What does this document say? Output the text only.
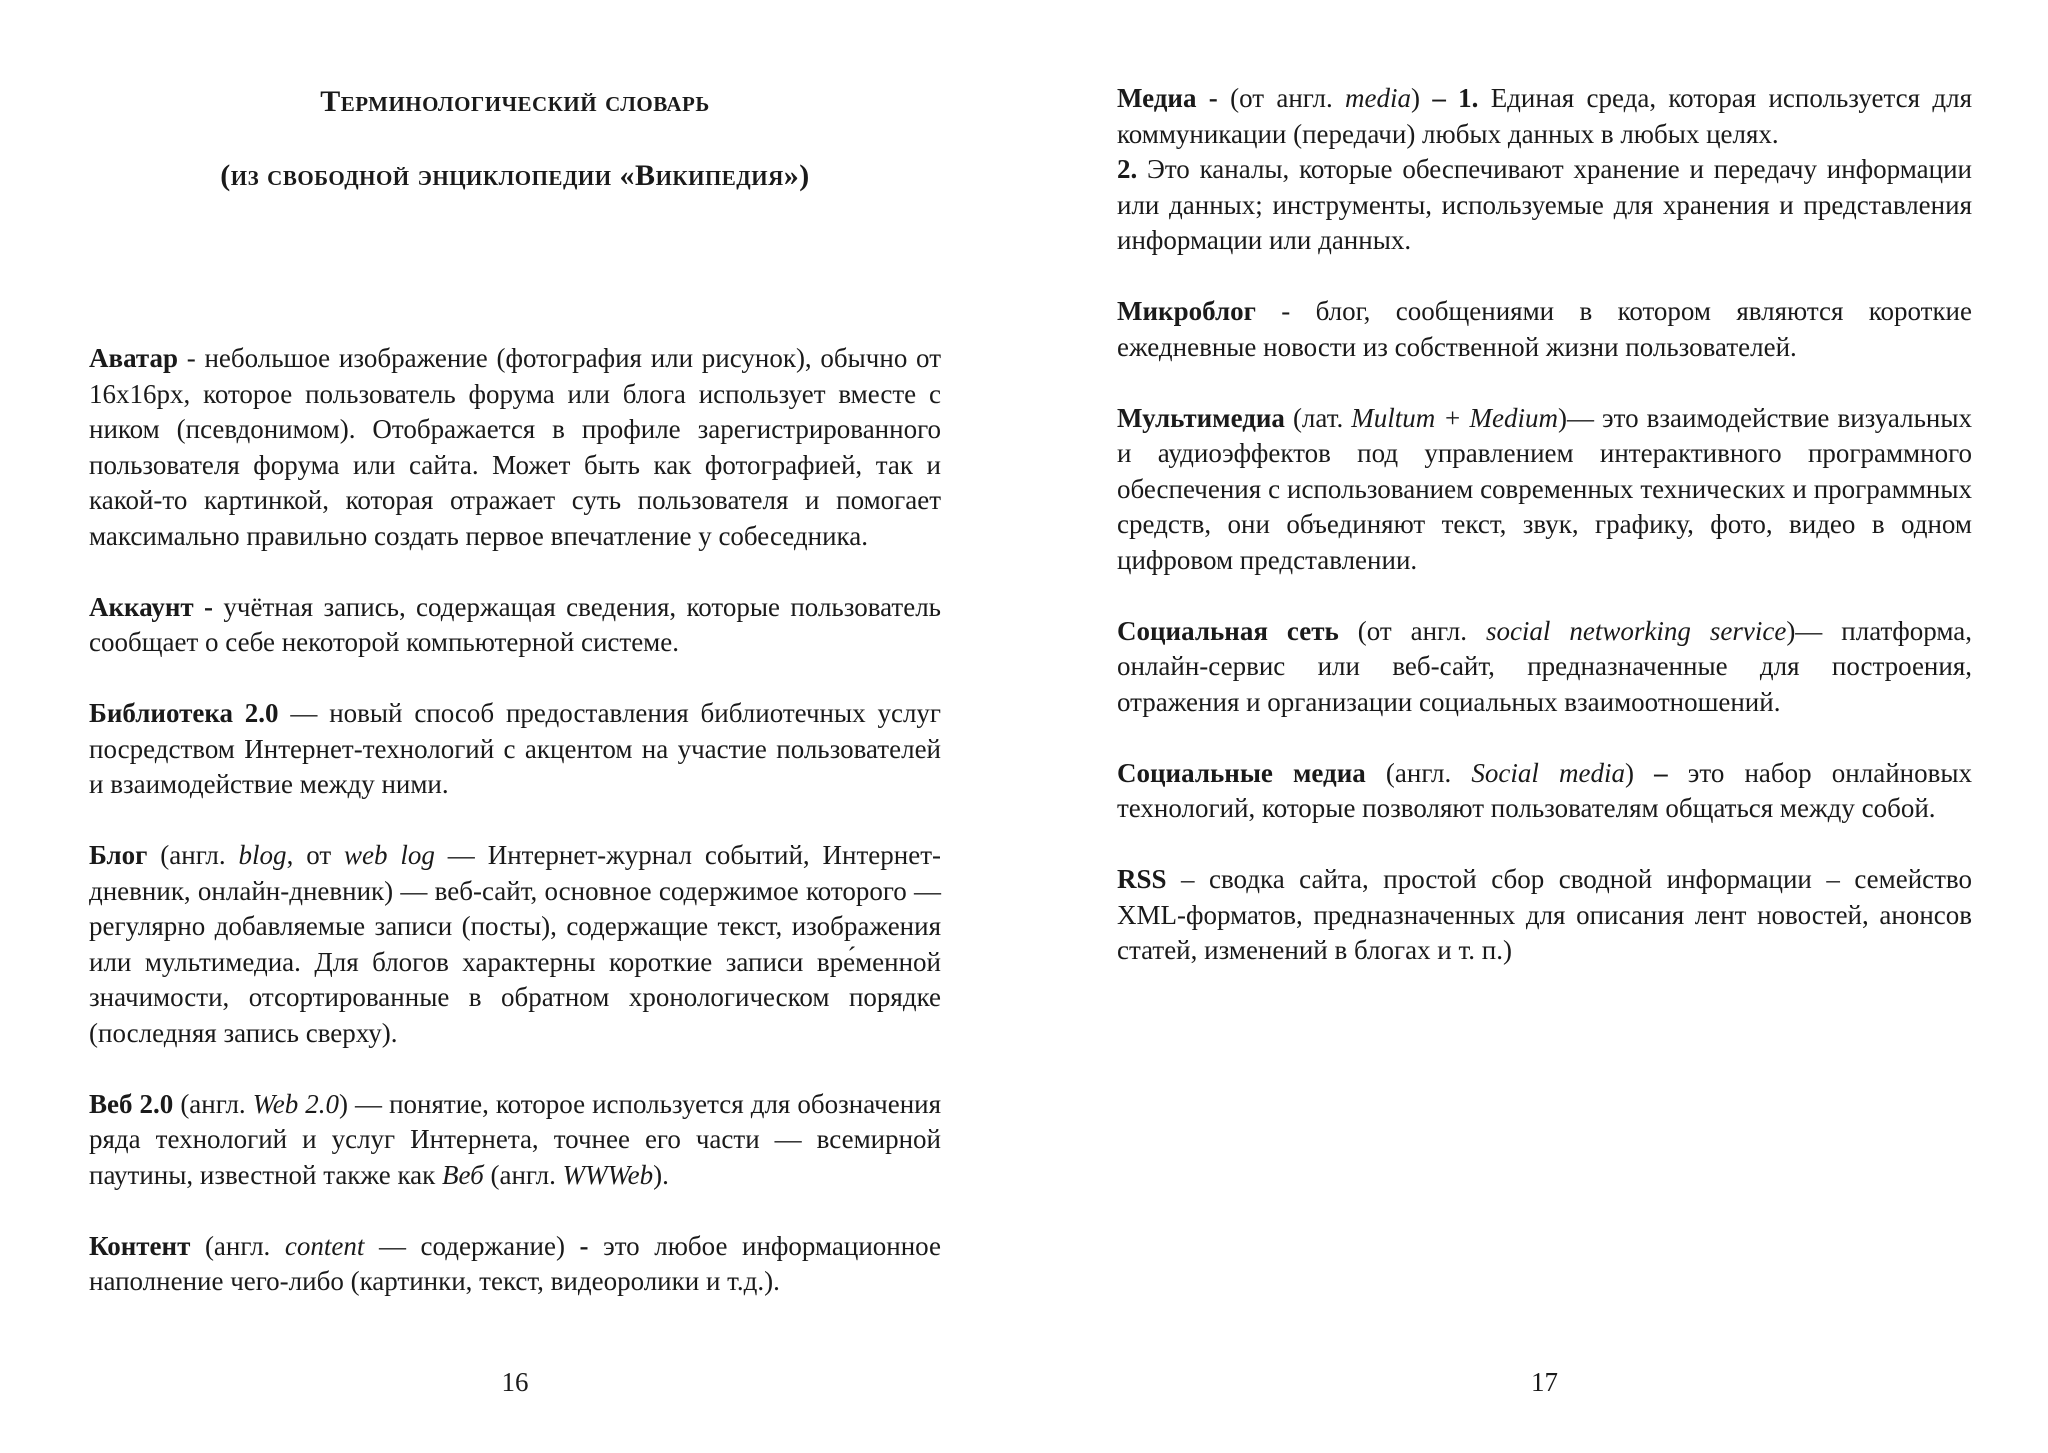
Терминологический словарь
(из свободной энциклопедии «Википедия»)

Аватар - небольшое изображение (фотография или рисунок), обычно от 16х16px, которое пользователь форума или блога использует вместе с ником (псевдонимом). Отображается в профиле зарегистрированного пользователя форума или сайта. Может быть как фотографией, так и какой-то картинкой, которая отражает суть пользователя и помогает максимально правильно создать первое впечатление у собеседника.

Аккаунт - учётная запись, содержащая сведения, которые пользователь сообщает о себе некоторой компьютерной системе.

Библиотека 2.0 — новый способ предоставления библиотечных услуг посредством Интернет-технологий с акцентом на участие пользователей и взаимодействие между ними.

Блог (англ. blog, от web log — Интернет-журнал событий, Интернет-дневник, онлайн-дневник) — веб-сайт, основное содержимое которого — регулярно добавляемые записи (посты), содержащие текст, изображения или мультимедиа. Для блогов характерны короткие записи вре́менной значимости, отсортированные в обратном хронологическом порядке (последняя запись сверху).

Веб 2.0 (англ. Web 2.0) — понятие, которое используется для обозначения ряда технологий и услуг Интернета, точнее его части — всемирной паутины, известной также как Веб (англ. WWWeb).

Контент (англ. content — содержание) - это любое информационное наполнение чего-либо (картинки, текст, видеоролики и т.д.).

16

Медиа - (от англ. media) – 1. Единая среда, которая используется для коммуникации (передачи) любых данных в любых целях.
2. Это каналы, которые обеспечивают хранение и передачу информации или данных; инструменты, используемые для хранения и представления информации или данных.

Микроблог - блог, сообщениями в котором являются короткие ежедневные новости из собственной жизни пользователей.

Мультимедиа (лат. Multum + Medium)— это взаимодействие визуальных и аудиоэффектов под управлением интерактивного программного обеспечения с использованием современных технических и программных средств, они объединяют текст, звук, графику, фото, видео в одном цифровом представлении.

Социальная сеть (от англ. social networking service)— платформа, онлайн-сервис или веб-сайт, предназначенные для построения, отражения и организации социальных взаимоотношений.

Социальные медиа (англ. Social media) – это набор онлайновых технологий, которые позволяют пользователям общаться между собой.

RSS – сводка сайта, простой сбор сводной информации – семейство XML-форматов, предназначенных для описания лент новостей, анонсов статей, изменений в блогах и т. п.)

17
